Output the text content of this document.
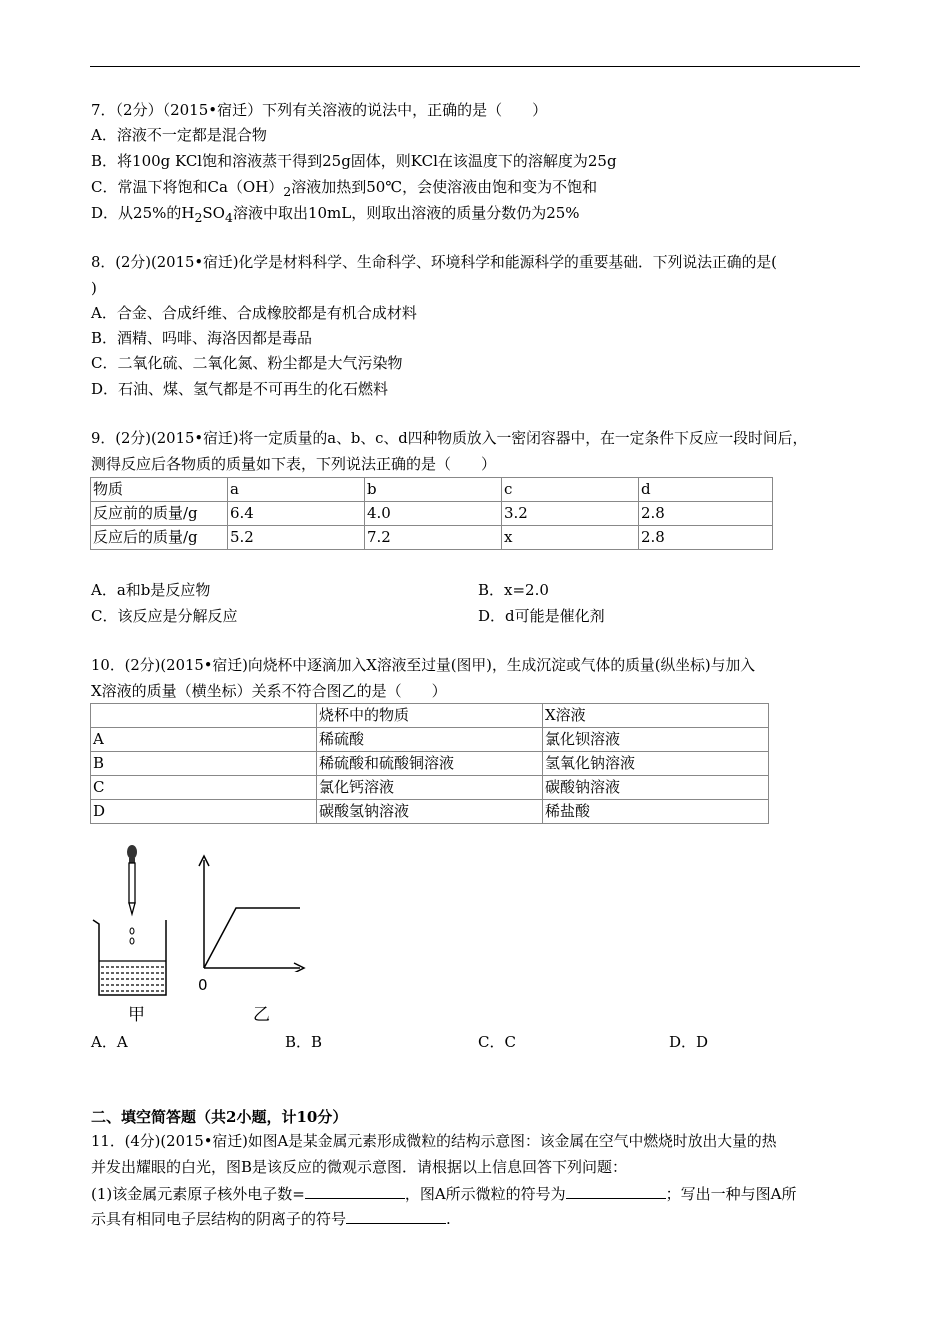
7．（2分）（2015•宿迁）下列有关溶液的说法中，正确的是（　　）
A．溶液不一定都是混合物
B．将100g KCl饱和溶液蒸干得到25g固体，则KCl在该温度下的溶解度为25g
C．常温下将饱和$Ca(OH)_2$溶液加热到50℃，会使溶液由饱和变为不饱和
D．从25%的$H_2SO_4$溶液中取出10mL，则取出溶液的质量分数仍为25%
8．(2分)(2015•宿迁)化学是材料科学、生命科学、环境科学和能源科学的重要基础．下列说法正确的是(
)
A．合金、合成纤维、合成橡胶都是有机合成材料
B．酒精、吗啡、海洛因都是毒品
C．二氧化硫、二氧化氮、粉尘都是大气污染物
D．石油、煤、氢气都是不可再生的化石燃料
9．(2分)(2015•宿迁)将一定质量的a、b、c、d四种物质放入一密闭容器中，在一定条件下反应一段时间后，
测得反应后各物质的质量如下表，下列说法正确的是（　　）
物质	a	b	c	d
反应前的质量/g	6.4	4.0	3.2	2.8
反应后的质量/g	5.2	7.2	x	2.8
A．a和b是反应物	B．x=2.0
C．该反应是分解反应	D．d可能是催化剂
10．(2分)(2015•宿迁)向烧杯中逐滴加入X溶液至过量(图甲)，生成沉淀或气体的质量(纵坐标)与加入
X溶液的质量（横坐标）关系不符合图乙的是（　　）
	烧杯中的物质	X溶液
A	稀硫酸	氯化钡溶液
B	稀硫酸和硫酸铜溶液	氢氧化钠溶液
C	氯化钙溶液	碳酸钠溶液
D	碳酸氢钠溶液	稀盐酸
甲
0
乙
A．A	B．B	C．C	D．D
二、填空简答题（共2小题，计10分）
11．(4分)(2015•宿迁)如图A是某金属元素形成微粒的结构示意图：该金属在空气中燃烧时放出大量的热
并发出耀眼的白光，图B是该反应的微观示意图．请根据以上信息回答下列问题：
(1)该金属元素原子核外电子数=	，图A所示微粒的符号为	；写出一种与图A所
示具有相同电子层结构的阴离子的符号	.
